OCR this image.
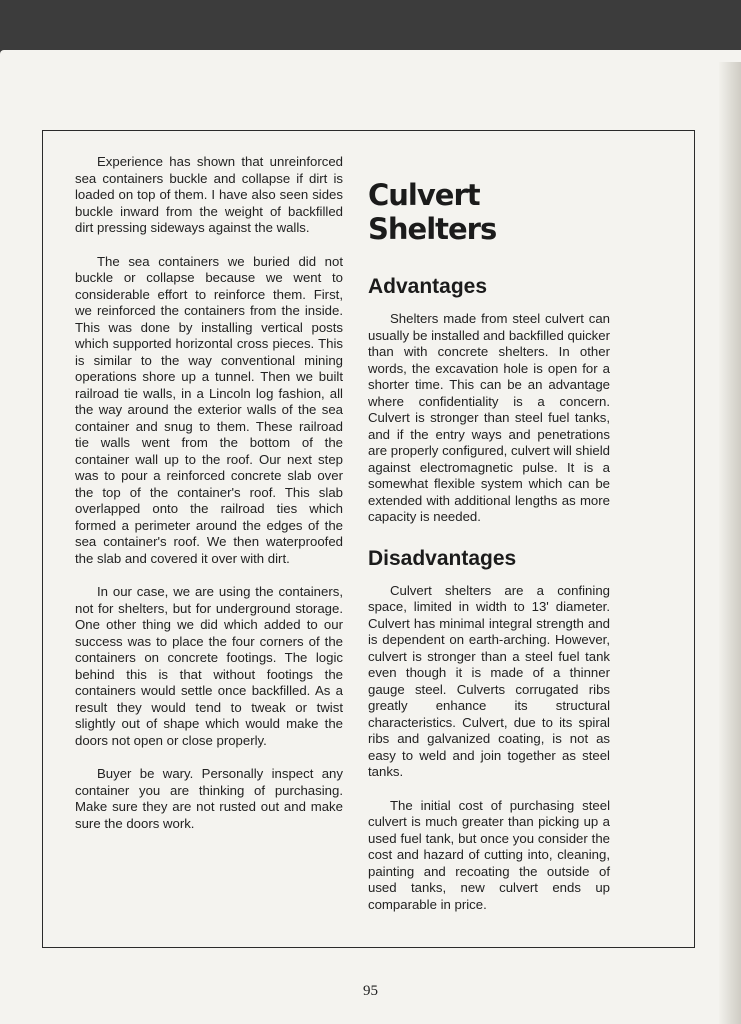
Experience has shown that unreinforced sea containers buckle and collapse if dirt is loaded on top of them. I have also seen sides buckle inward from the weight of backfilled dirt pressing sideways against the walls.

The sea containers we buried did not buckle or collapse because we went to considerable effort to reinforce them. First, we reinforced the containers from the inside. This was done by installing vertical posts which supported horizontal cross pieces. This is similar to the way conventional mining operations shore up a tunnel. Then we built railroad tie walls, in a Lincoln log fashion, all the way around the exterior walls of the sea container and snug to them. These railroad tie walls went from the bottom of the container wall up to the roof. Our next step was to pour a reinforced concrete slab over the top of the container's roof. This slab overlapped onto the railroad ties which formed a perimeter around the edges of the sea container's roof. We then waterproofed the slab and covered it over with dirt.

In our case, we are using the containers, not for shelters, but for underground storage. One other thing we did which added to our success was to place the four corners of the containers on concrete footings. The logic behind this is that without footings the containers would settle once backfilled. As a result they would tend to tweak or twist slightly out of shape which would make the doors not open or close properly.

Buyer be wary. Personally inspect any container you are thinking of purchasing. Make sure they are not rusted out and make sure the doors work.

Culvert Shelters
Advantages

Shelters made from steel culvert can usually be installed and backfilled quicker than with concrete shelters. In other words, the excavation hole is open for a shorter time. This can be an advantage where confidentiality is a concern. Culvert is stronger than steel fuel tanks, and if the entry ways and penetrations are properly configured, culvert will shield against electromagnetic pulse. It is a somewhat flexible system which can be extended with additional lengths as more capacity is needed.

Disadvantages

Culvert shelters are a confining space, limited in width to 13' diameter. Culvert has minimal integral strength and is dependent on earth-arching. However, culvert is stronger than a steel fuel tank even though it is made of a thinner gauge steel. Culverts corrugated ribs greatly enhance its structural characteristics. Culvert, due to its spiral ribs and galvanized coating, is not as easy to weld and join together as steel tanks.

The initial cost of purchasing steel culvert is much greater than picking up a used fuel tank, but once you consider the cost and hazard of cutting into, cleaning, painting and recoating the outside of used tanks, new culvert ends up comparable in price.

95
